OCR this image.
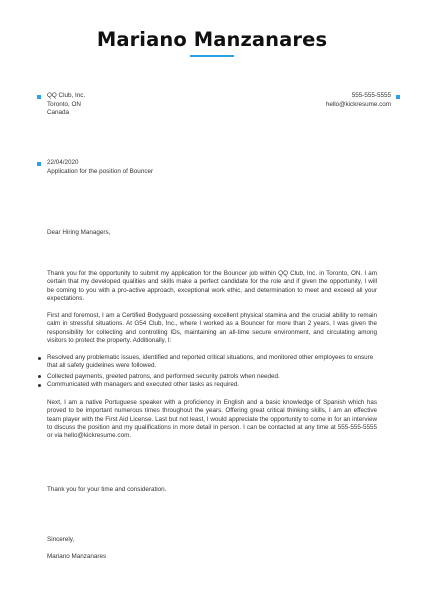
Mariano Manzanares
QQ Club, Inc.
Toronto, ON
Canada
555-555-5555
hello@kickresume.com
22/04/2020
Application for the position of Bouncer
Dear Hiring Managers,
Thank you for the opportunity to submit my application for the Bouncer job within QQ Club, Inc. in Toronto, ON. I am certain that my developed qualities and skills make a perfect candidate for the role and if given the opportunity, I will be coming to you with a pro-active approach, exceptional work ethic, and determination to meet and exceed all your expectations.
First and foremost, I am a Certified Bodyguard possessing excellent physical stamina and the crucial ability to remain calm in stressful situations. At G54 Club, Inc., where I worked as a Bouncer for more than 2 years, I was given the responsibility for collecting and controlling IDs, maintaining an all-time secure environment, and circulating among visitors to protect the property. Additionally, I:
Resolved any problematic issues, identified and reported critical situations, and monitored other employees to ensure that all safety guidelines were followed.
Collected payments, greeted patrons, and performed security patrols when needed.
Communicated with managers and executed other tasks as required.
Next, I am a native Portuguese speaker with a proficiency in English and a basic knowledge of Spanish which has proved to be important numerous times throughout the years. Offering great critical thinking skills, I am an effective team player with the First Aid License. Last but not least, I would appreciate the opportunity to come in for an interview to discuss the position and my qualifications in more detail in person. I can be contacted at any time at 555-555-5555 or via hello@kickresume.com.
Thank you for your time and consideration.
Sincerely,
Mariano Manzanares
